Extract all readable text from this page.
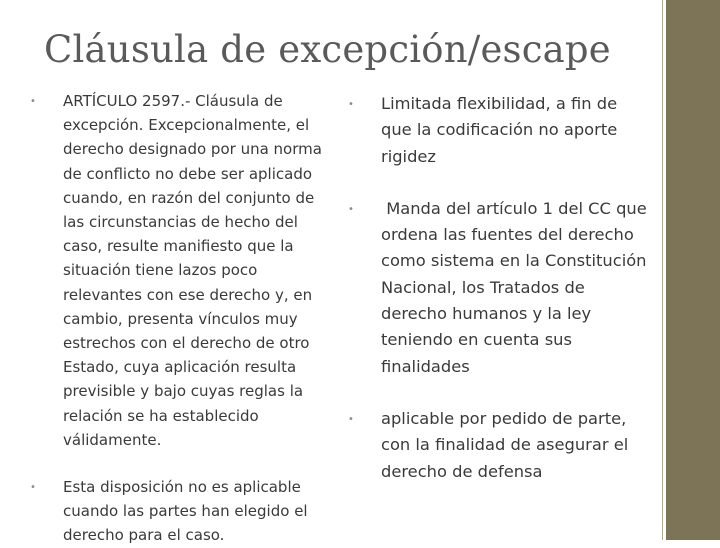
Cláusula de excepción/escape
• ARTÍCULO 2597.- Cláusula de excepción. Excepcionalmente, el derecho designado por una norma de conflicto no debe ser aplicado cuando, en razón del conjunto de las circunstancias de hecho del caso, resulte manifiesto que la situación tiene lazos poco relevantes con ese derecho y, en cambio, presenta vínculos muy estrechos con el derecho de otro Estado, cuya aplicación resulta previsible y bajo cuyas reglas la relación se ha establecido válidamente.
• Esta disposición no es aplicable cuando las partes han elegido el derecho para el caso.
• Limitada flexibilidad, a fin de que la codificación no aporte rigidez
• Manda del artículo 1 del CC que ordena las fuentes del derecho como sistema en la Constitución Nacional, los Tratados de derecho humanos y la ley teniendo en cuenta sus finalidades
• aplicable por pedido de parte, con la finalidad de asegurar el derecho de defensa
